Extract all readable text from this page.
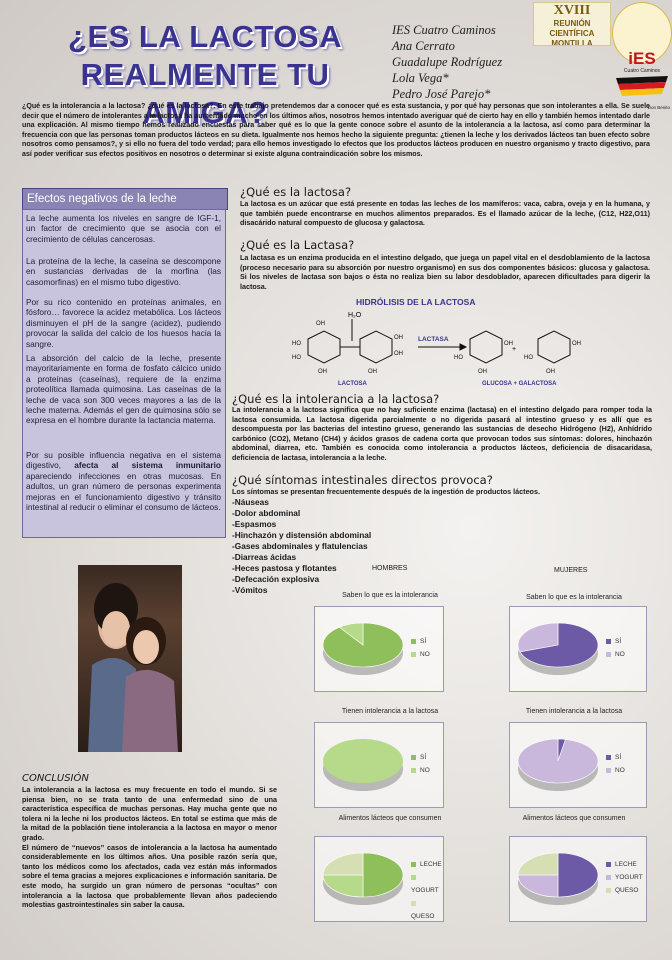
¿ES LA LACTOSA
REALMENTE TU AMIGA?
IES Cuatro Caminos
Ana Cerrato
Guadalupe Rodríguez
Lola Vega*
Pedro José Parejo*
XVIII
REUNIÓN CIENTÍFICA
MONTILLA
iES
Cuatro Caminos
Don Benito
¿Qué es la intolerancia a la lactosa? ¿qué es la lactosa?. En este trabajo pretendemos dar a conocer qué es esta sustancia, y por qué hay personas que son intolerantes a ella. Se suele decir que el número de intolerantes a la lactosa ha aumentado mucho en los últimos años, nosotros hemos intentado averiguar qué de cierto hay en ello y también hemos intentado darle una explicación. Al mismo tiempo hemos realizado encuestas para saber qué es lo que la gente conoce sobre el asunto de la intolerancia a la lactosa, así como para determinar la frecuencia con que las personas toman productos lácteos en su dieta. Igualmente nos hemos hecho la siguiente pregunta: ¿tienen la leche y los derivados lácteos tan buen efecto sobre nosotros como pensamos?, y si ello no fuera del todo verdad; para ello hemos investigado lo efectos que los productos lácteos producen en nuestro organismo y tracto digestivo, para así poder verificar sus efectos positivos en nosotros o determinar si existe alguna contraindicación sobre los mismos.
Efectos negativos de la leche
La leche aumenta los niveles en sangre de IGF-1, un factor de crecimiento que se asocia con el crecimiento de células cancerosas.
La proteína de la leche, la caseína se descompone en sustancias derivadas de la morfina (las casomorfinas) en el mismo tubo digestivo.
Por su rico contenido en proteínas animales, en fósforo… favorece la acidez metabólica. Los lácteos disminuyen el pH de la sangre (acidez), pudiendo provocar la salida del calcio de los huesos hacia la sangre.
La absorción del calcio de la leche, presente mayoritariamente en forma de fosfato cálcico unido a proteínas (caseínas), requiere de la enzima proteolítica llamada quimosina. Las caseínas de la leche de vaca son 300 veces mayores a las de la leche materna. Además el gen de quimosina sólo se expresa en el hombre durante la lactancia materna.
Por su posible influencia negativa en el sistema digestivo, afecta al sistema inmunitario apareciendo infecciones en otras mucosas. En adultos, un gran número de personas experimenta mejoras en el funcionamiento digestivo y tránsito intestinal al reducir o eliminar el consumo de lácteos.
¿Qué es la lactosa?
La lactosa es un azúcar que está presente en todas las leches de los mamíferos: vaca, cabra, oveja y en la humana, y que también puede encontrarse en muchos alimentos preparados. Es el llamado azúcar de la leche, (C12, H22,O11) disacárido natural compuesto de glucosa y galactosa.
¿Qué es la Lactasa?
La lactasa es un enzima producida en el intestino delgado, que juega un papel vital en el desdoblamiento de la lactosa (proceso necesario para su absorción por nuestro organismo) en sus dos componentes básicos: glucosa y galactosa. Si los niveles de lactasa son bajos o ésta no realiza bien su labor desdoblador, aparecen dificultades para digerir la lactosa.
HIDRÓLISIS DE LA LACTOSA
HO
HO
OH
OH
OH
OH
OH
HO
OH
OH
HO
OH
OH
H₂O
+
LACTASA
LACTOSA	GLUCOSA + GALACTOSA
¿Qué es la intolerancia a la lactosa?
La intolerancia a la lactosa significa que no hay suficiente enzima (lactasa) en el intestino delgado para romper toda la lactosa consumida. La lactosa digerida parcialmente o no digerida pasará al intestino grueso y es allí que es descompuesta por las bacterias del intestino grueso, generando las sustancias de desecho Hidrógeno (H2), Anhídrido carbónico (CO2), Metano (CH4) y ácidos grasos de cadena corta que provocan todos sus síntomas: dolores, hinchazón abdominal, diarrea, etc. También es conocida como intolerancia a productos lácteos, deficiencia de disacaridasa, deficiencia de lactasa, intolerancia a la leche.
¿Qué síntomas intestinales directos provoca?
Los síntomas se presentan frecuentemente después de la ingestión de productos lácteos.
-Náuseas
-Dolor abdominal
-Espasmos
-Hinchazón y distensión abdominal
-Gases abdominales y flatulencias
-Diarreas ácidas
-Heces pastosa y flotantes
-Defecación explosiva
-Vómitos
CONCLUSIÓN
La intolerancia a la lactosa es muy frecuente en todo el mundo. Si se piensa bien, no se trata tanto de una enfermedad sino de una característica específica de muchas personas. Hay mucha gente que no tolera ni la leche ni los productos lácteos. En total se estima que más de la mitad de la población tiene intolerancia a la lactosa en mayor o menor grado.
El número de “nuevos” casos de intolerancia a la lactosa ha aumentado considerablemente en los últimos años. Una posible razón sería que, tanto los médicos como los afectados, cada vez están más informados sobre el tema gracias a mejores explicaciones e información sanitaria. De este modo, ha surgido un gran número de personas “ocultas” con intolerancia a la lactosa que probablemente llevan años padeciendo molestias gastrointestinales sin saber la causa.
HOMBRES	MUJERES
Saben lo que es la intolerancia
SÍ
NO
Tienen intolerancia a la lactosa
SÍ
NO
Alimentos lácteos que consumen
LECHE
YOGURT
QUESO
Saben lo que es la intolerancia
SÍ
NO
Tienen intolerancia a la lactosa
SÍ
NO
Alimentos lácteos que consumen
LECHE
YOGURT
QUESO
